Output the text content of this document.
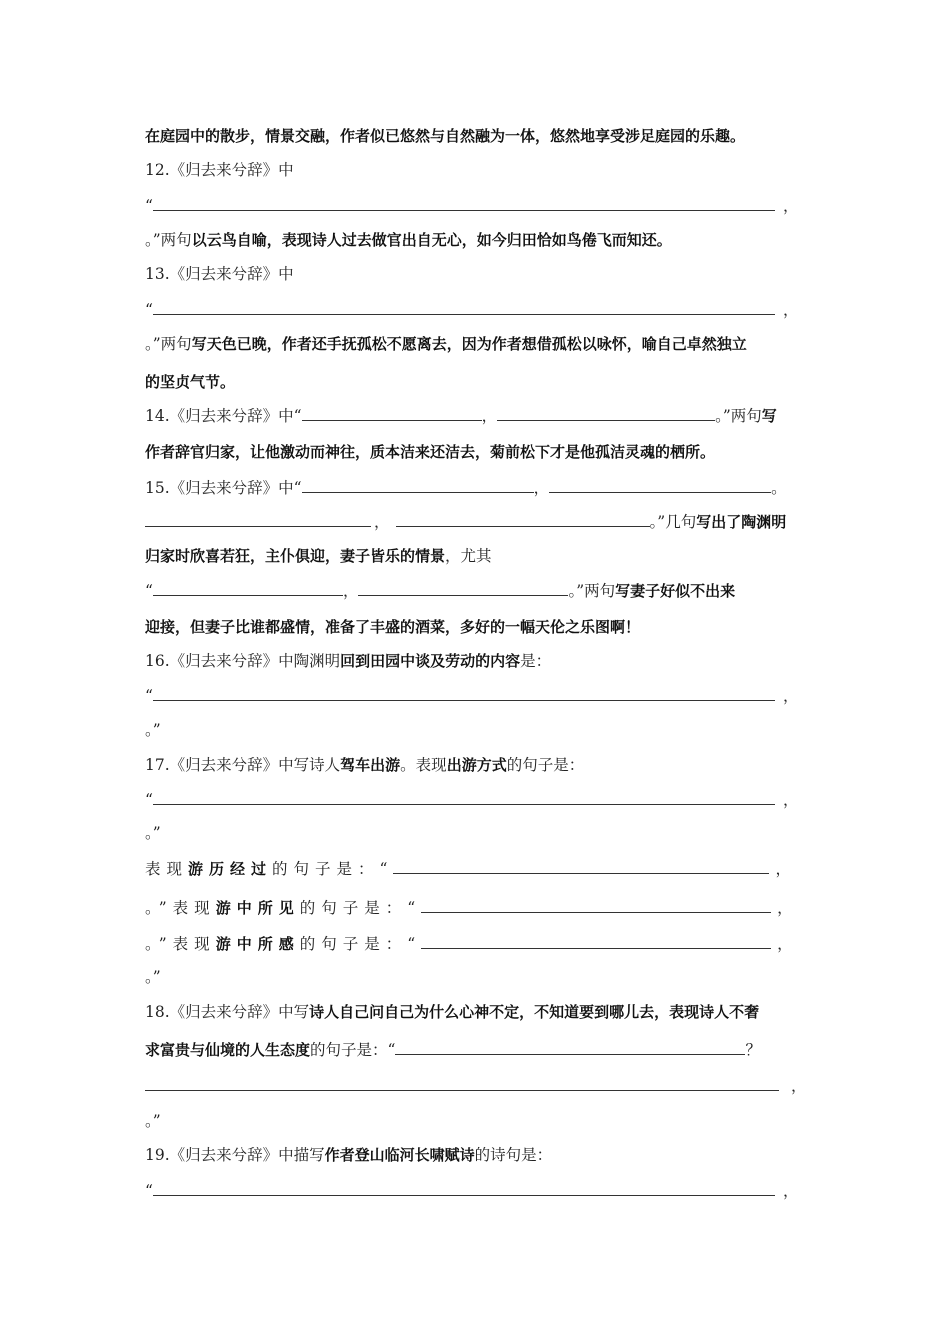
在庭园中的散步，情景交融，作者似已悠然与自然融为一体，悠然地享受涉足庭园的乐趣。
12.《归去来兮辞》中
“	，
。”两句以云鸟自喻，表现诗人过去做官出自无心，如今归田恰如鸟倦飞而知还。
13.《归去来兮辞》中
“	，
。”两句写天色已晚，作者还手抚孤松不愿离去，因为作者想借孤松以咏怀，喻自己卓然独立
的坚贞气节。
14.《归去来兮辞》中“	，	。”两句写
作者辞官归家，让他激动而神往，质本洁来还洁去，菊前松下才是他孤洁灵魂的栖所。
15.《归去来兮辞》中“	，	。
，	。”几句写出了陶渊明
归家时欣喜若狂，主仆俱迎，妻子皆乐的情景，尤其
“	，	。”两句写妻子好似不出来
迎接，但妻子比谁都盛情，准备了丰盛的酒菜，多好的一幅天伦之乐图啊！
16.《归去来兮辞》中陶渊明回到田园中谈及劳动的内容是：
“	，
。”
17.《归去来兮辞》中写诗人驾车出游。表现出游方式的句子是：
“	，
。”
表现游历经过的句子是：“	，
。”表现游中所见的句子是：“	，
。”表现游中所感的句子是：“	，
。”
18.《归去来兮辞》中写诗人自己问自己为什么心神不定，不知道要到哪儿去，表现诗人不奢
求富贵与仙境的人生态度的句子是：“	？
，
。”
19.《归去来兮辞》中描写作者登山临河长啸赋诗的诗句是：
“	，
